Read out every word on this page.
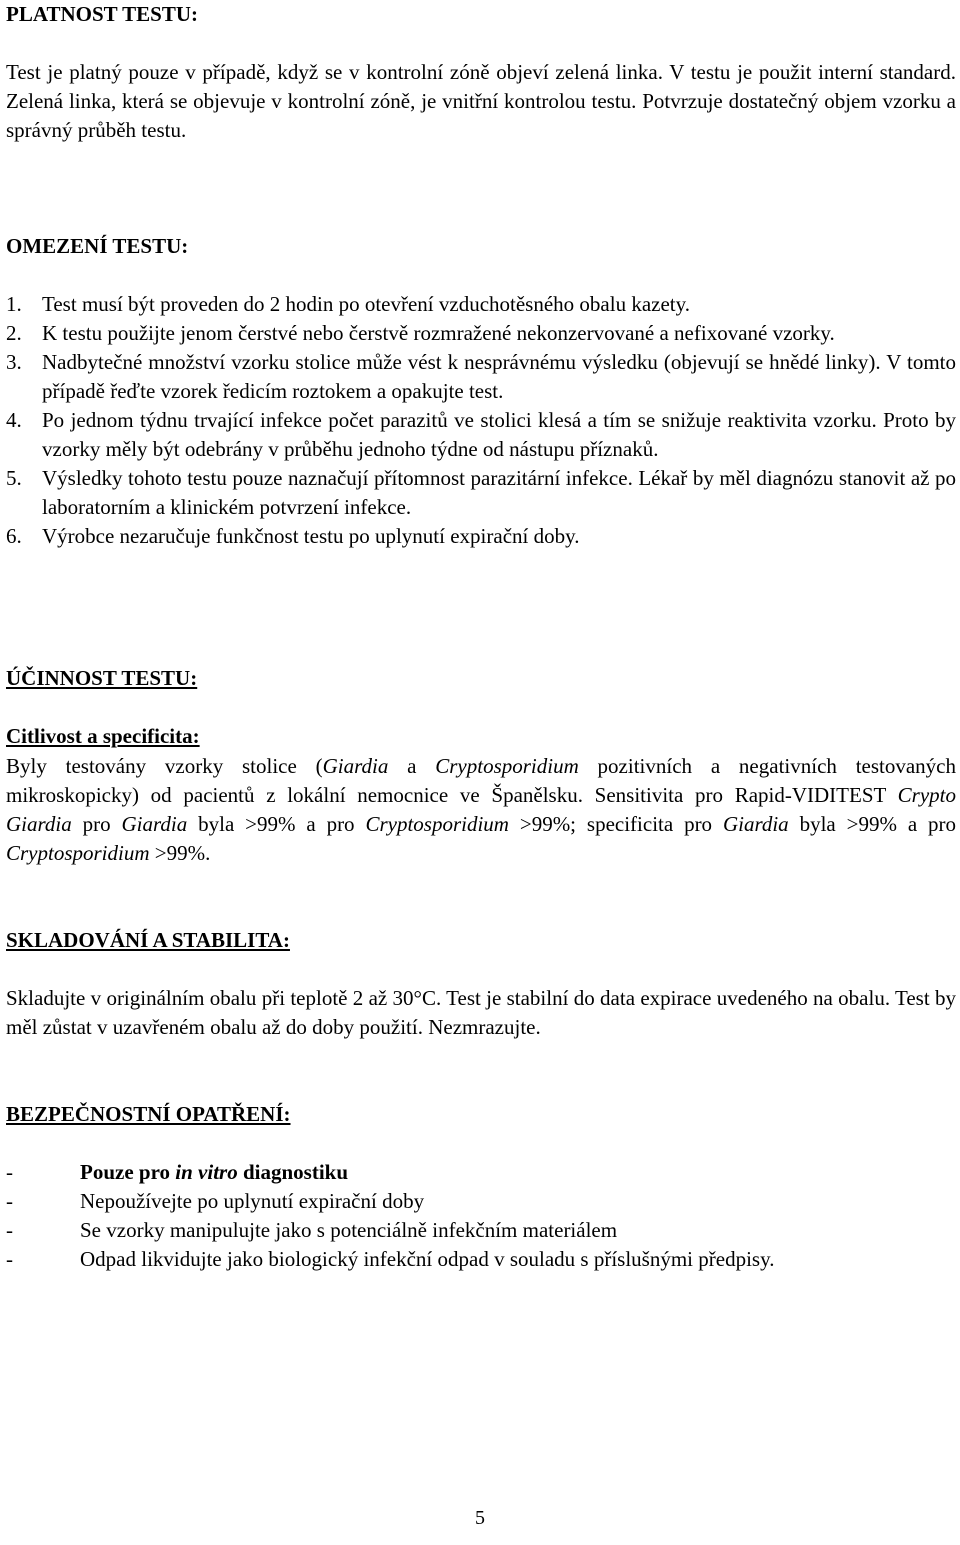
PLATNOST TESTU:

Test je platný pouze v případě, když se v kontrolní zóně objeví zelená linka. V testu je použit interní standard. Zelená linka, která se objevuje v kontrolní zóně, je vnitřní kontrolou testu. Potvrzuje dostatečný objem vzorku a správný průběh testu.

OMEZENÍ TESTU:
1. Test musí být proveden do 2 hodin po otevření vzduchotěsného obalu kazety.
2. K testu použijte jenom čerstvé nebo čerstvě rozmražené nekonzervované a nefixované vzorky.
3. Nadbytečné množství vzorku stolice může vést k nesprávnému výsledku (objevují se hnědé linky). V tomto případě řeďte vzorek ředicím roztokem a opakujte test.
4. Po jednom týdnu trvající infekce počet parazitů ve stolici klesá a tím se snižuje reaktivita vzorku. Proto by vzorky měly být odebrány v průběhu jednoho týdne od nástupu příznaků.
5. Výsledky tohoto testu pouze naznačují přítomnost parazitární infekce. Lékař by měl diagnózu stanovit až po laboratorním a klinickém potvrzení infekce.
6. Výrobce nezaručuje funkčnost testu po uplynutí expirační doby.
ÚČINNOST TESTU:

Citlivost a specificita:

Byly testovány vzorky stolice (Giardia a Cryptosporidium pozitivních a negativních testovaných mikroskopicky) od pacientů z lokální nemocnice ve Španělsku. Sensitivita pro Rapid-VIDITEST Crypto Giardia pro Giardia byla >99% a pro Cryptosporidium >99%; specificita pro Giardia byla >99% a pro Cryptosporidium >99%.

SKLADOVÁNÍ A STABILITA:

Skladujte v originálním obalu při teplotě 2 až 30°C. Test je stabilní do data expirace uvedeného na obalu. Test by měl zůstat v uzavřeném obalu až do doby použití. Nezmrazujte.

BEZPEČNOSTNÍ OPATŘENÍ:
-	Pouze pro in vitro diagnostiku
-	Nepoužívejte po uplynutí expirační doby
-	Se vzorky manipulujte jako s potenciálně infekčním materiálem
-	Odpad likvidujte jako biologický infekční odpad v souladu s příslušnými předpisy.
5
